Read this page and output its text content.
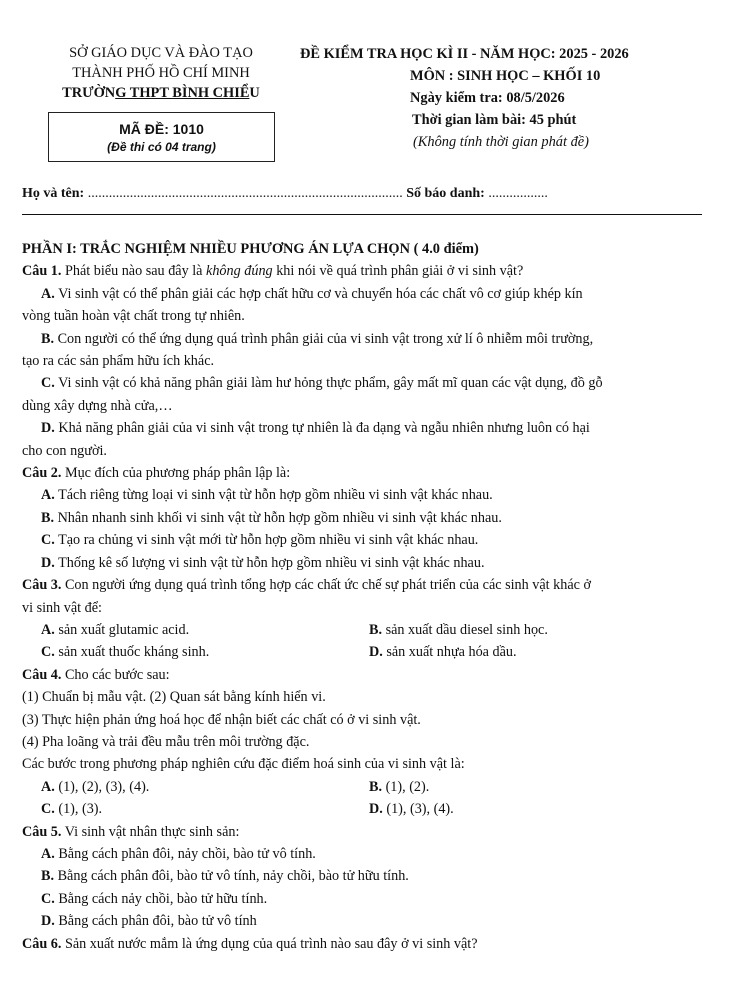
SỞ GIÁO DỤC VÀ ĐÀO TẠO
THÀNH PHỐ HỒ CHÍ MINH
TRƯỜNG THPT BÌNH CHIỂU
MÃ ĐỀ: 1010
(Đề thi có 04 trang)
ĐỀ KIỂM TRA HỌC KÌ II - NĂM HỌC: 2025 - 2026
MÔN : SINH HỌC – KHỐI 10
Ngày kiểm tra: 08/5/2026
Thời gian làm bài: 45 phút
(Không tính thời gian phát đề)
Họ và tên: .......................................................................................... Số báo danh: .................
PHẦN I: TRẮC NGHIỆM NHIỀU PHƯƠNG ÁN LỰA CHỌN ( 4.0 điểm)
Câu 1. Phát biểu nào sau đây là không đúng khi nói về quá trình phân giải ở vi sinh vật?
A. Vi sinh vật có thể phân giải các hợp chất hữu cơ và chuyển hóa các chất vô cơ giúp khép kín
vòng tuần hoàn vật chất trong tự nhiên.
B. Con người có thể ứng dụng quá trình phân giải của vi sinh vật trong xử lí ô nhiễm môi trường,
tạo ra các sản phẩm hữu ích khác.
C. Vi sinh vật có khả năng phân giải làm hư hỏng thực phẩm, gây mất mĩ quan các vật dụng, đồ gỗ
dùng xây dựng nhà cửa,…
D. Khả năng phân giải của vi sinh vật trong tự nhiên là đa dạng và ngẫu nhiên nhưng luôn có hại
cho con người.
Câu 2. Mục đích của phương pháp phân lập là:
A. Tách riêng từng loại vi sinh vật từ hỗn hợp gồm nhiều vi sinh vật khác nhau.
B. Nhân nhanh sinh khối vi sinh vật từ hỗn hợp gồm nhiều vi sinh vật khác nhau.
C. Tạo ra chủng vi sinh vật mới từ hỗn hợp gồm nhiều vi sinh vật khác nhau.
D. Thống kê số lượng vi sinh vật từ hỗn hợp gồm nhiều vi sinh vật khác nhau.
Câu 3. Con người ứng dụng quá trình tổng hợp các chất ức chế sự phát triển của các sinh vật khác ở
vi sinh vật để:
A. sản xuất glutamic acid.	B. sản xuất dầu diesel sinh học.
C. sản xuất thuốc kháng sinh.	D. sản xuất nhựa hóa dầu.
Câu 4. Cho các bước sau:
(1) Chuẩn bị mẫu vật. (2) Quan sát bằng kính hiển vi.
(3) Thực hiện phản ứng hoá học để nhận biết các chất có ở vi sinh vật.
(4) Pha loãng và trải đều mẫu trên môi trường đặc.
Các bước trong phương pháp nghiên cứu đặc điểm hoá sinh của vi sinh vật là:
A. (1), (2), (3), (4).	B. (1), (2).
C. (1), (3).	D. (1), (3), (4).
Câu 5. Vi sinh vật nhân thực sinh sản:
A. Bằng cách phân đôi, nảy chồi, bào tử vô tính.
B. Bằng cách phân đôi, bào tử vô tính, nảy chồi, bào tử hữu tính.
C. Bằng cách nảy chồi, bào tử hữu tính.
D. Bằng cách phân đôi, bào tử vô tính
Câu 6. Sản xuất nước mắm là ứng dụng của quá trình nào sau đây ở vi sinh vật?
